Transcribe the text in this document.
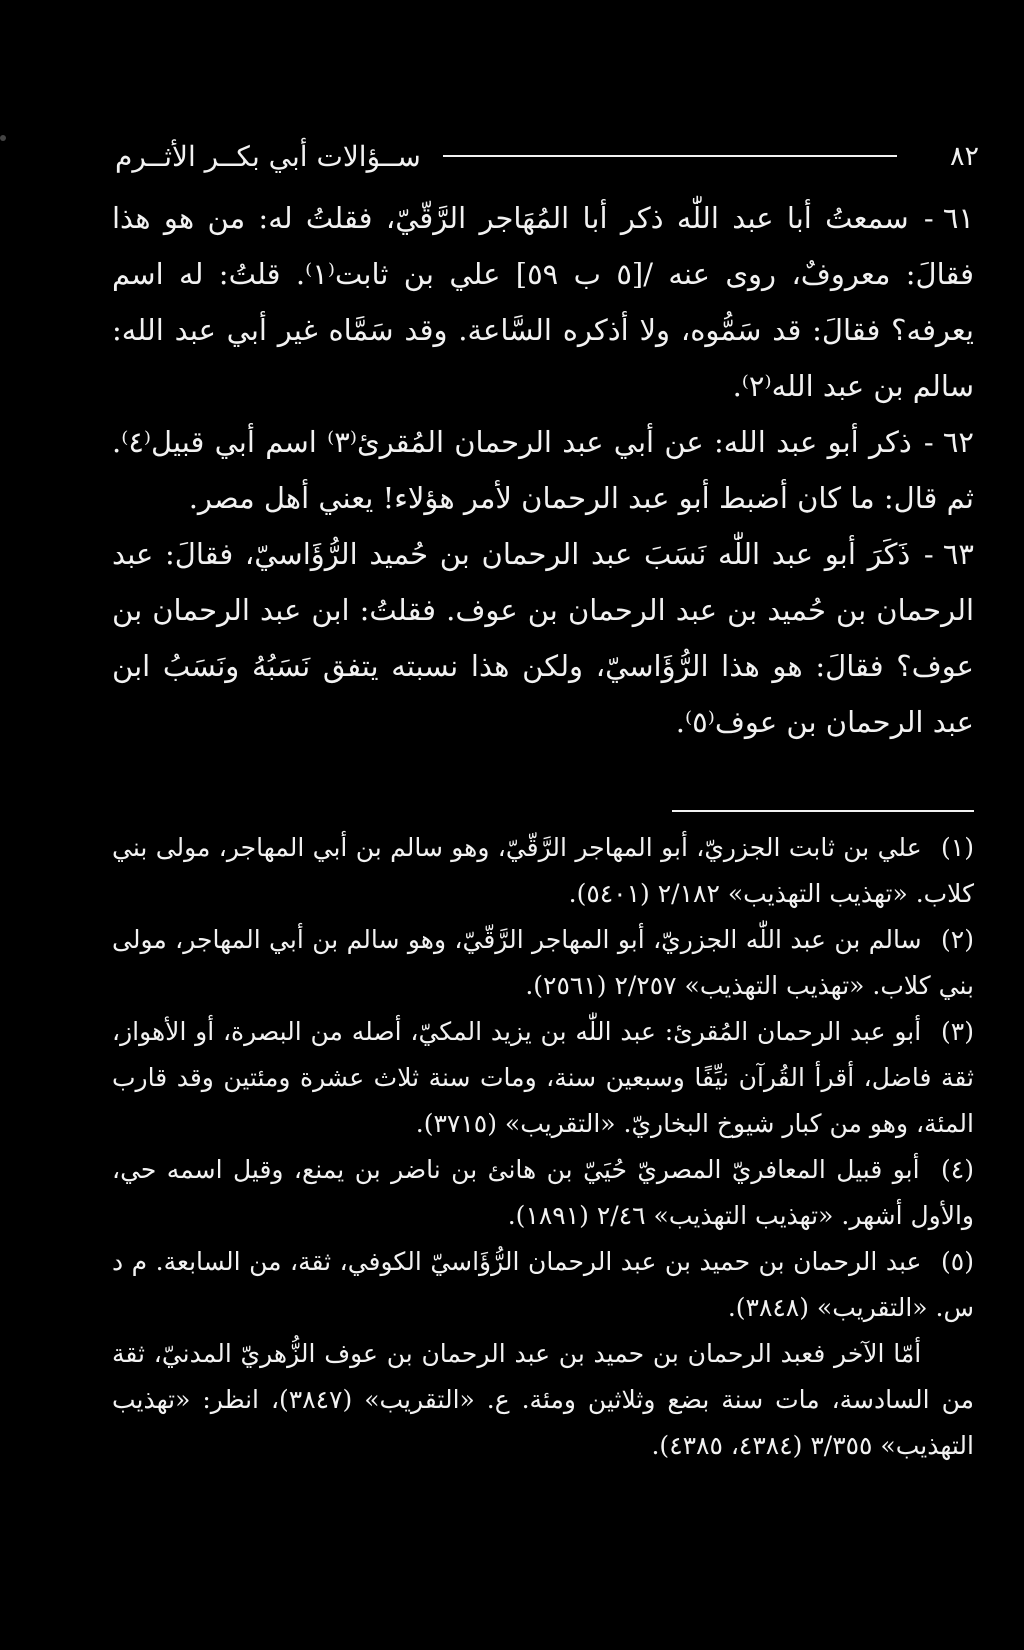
٨٢
ســؤالات أبي بكــر الأثــرم

٦١ - سمعتُ أبا عبد اللّٰه ذكر أبا المُهَاجر الرَّقّيّ، فقلتُ له: من هو هذا فقالَ: معروفٌ، روى عنه /[٥ ب ٥٩] علي بن ثابت⁽١⁾. قلتُ: له اسم يعرفه؟ فقالَ: قد سَمُّوه، ولا أذكره السَّاعة. وقد سَمَّاه غير أبي عبد الله: سالم بن عبد الله⁽٢⁾.

٦٢ - ذكر أبو عبد الله: عن أبي عبد الرحمان المُقرئ⁽٣⁾ اسم أبي قبيل⁽٤⁾. ثم قال: ما كان أضبط أبو عبد الرحمان لأمر هؤلاء! يعني أهل مصر.

٦٣ - ذَكَرَ أبو عبد اللّٰه نَسَبَ عبد الرحمان بن حُميد الرُّؤَاسيّ، فقالَ: عبد الرحمان بن حُميد بن عبد الرحمان بن عوف. فقلتُ: ابن عبد الرحمان بن عوف؟ فقالَ: هو هذا الرُّؤَاسيّ، ولكن هذا نسبته يتفق نَسَبُهُ ونَسَبُ ابن عبد الرحمان بن عوف⁽٥⁾.

(١) علي بن ثابت الجزريّ، أبو المهاجر الرَّقّيّ، وهو سالم بن أبي المهاجر، مولى بني كلاب. «تهذيب التهذيب» ٢/١٨٢ (٥٤٠١).

(٢) سالم بن عبد اللّٰه الجزريّ، أبو المهاجر الرَّقّيّ، وهو سالم بن أبي المهاجر، مولى بني كلاب. «تهذيب التهذيب» ٢/٢٥٧ (٢٥٦١).

(٣) أبو عبد الرحمان المُقرئ: عبد اللّٰه بن يزيد المكيّ، أصله من البصرة، أو الأهواز، ثقة فاضل، أقرأ القُرآن نيِّفًا وسبعين سنة، ومات سنة ثلاث عشرة ومئتين وقد قارب المئة، وهو من كبار شيوخ البخاريّ. «التقريب» (٣٧١٥).

(٤) أبو قبيل المعافريّ المصريّ حُيَيّ بن هانئ بن ناضر بن يمنع، وقيل اسمه حي، والأول أشهر. «تهذيب التهذيب» ٢/٤٦ (١٨٩١).

(٥) عبد الرحمان بن حميد بن عبد الرحمان الرُّؤَاسيّ الكوفي، ثقة، من السابعة. م د س. «التقريب» (٣٨٤٨).

أمّا الآخر فعبد الرحمان بن حميد بن عبد الرحمان بن عوف الزُّهريّ المدنيّ، ثقة من السادسة، مات سنة بضع وثلاثين ومئة. ع. «التقريب» (٣٨٤٧)، انظر: «تهذيب التهذيب» ٣/٣٥٥ (٤٣٨٤، ٤٣٨٥).
